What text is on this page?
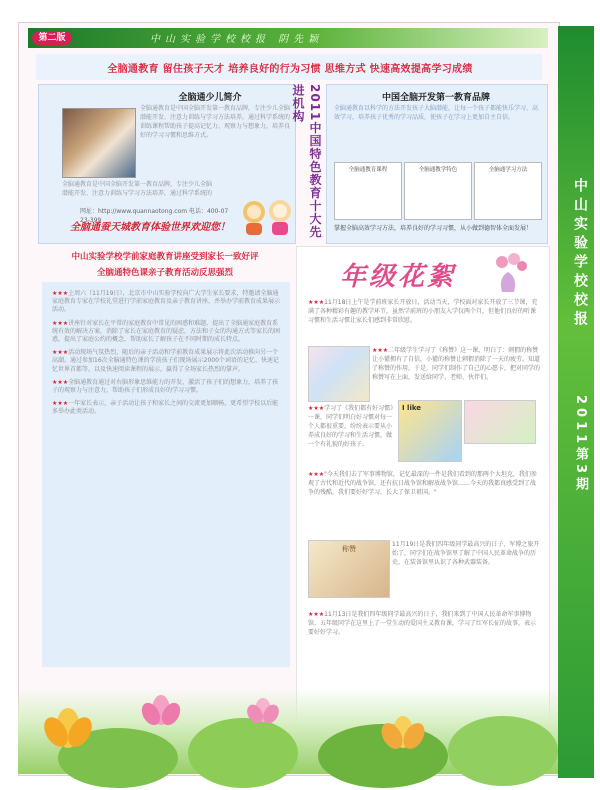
第二版	中山实验学校校报 阴先颖
全脑通教育 留住孩子天才 培养良好的行为习惯 思维方式 快速高效提高学习成绩
全脑通少儿简介
全脑通教育是中国全脑开发第一教育品牌，专注少儿全脑潜能开发、注意力训练与学习方法培养，通过科学系统的训练课程帮助孩子提高记忆力、观察力与想象力，培养良好的学习习惯和思维方式。
全脑通教育是中国全脑开发第一教育品牌，专注少儿全脑潜能开发、注意力训练与学习方法培养，通过科学系统的
网址：http://www.quannaotong.com 电话：400-0723-399
全脑通蚕天城教育体验世界欢迎您！	2011中国特色教育十大先进机构	中国全脑开发第一教育品牌
全脑通教育以科学的方法开发孩子大脑潜能，让每一个孩子都能快乐学习、高效学习，培养孩子优秀的学习品质，使孩子在学习上更加自主自信。
全脑通教育课程	全脑通教学特色	全脑通学习方法
掌握全脑高效学习方法，培养良好的学习习惯，从小做到德智体全面发展！
中山实验学校学前家庭教育讲座受到家长一致好评
全脑通特色课亲子教育活动反思强烈
★★★上周六（11月19日），北京市中山实验学校向广大学生家长要求，特邀请全脑通家庭教育专家在学校礼堂进行学前家庭教育及亲子教育讲座，并举办学前教育成果展示活动。
★★★讲座针对家长在平常的家庭教育中常见的困惑和难题，提出了全脑通家庭教育系统有效的解决方案，消除了家长在家庭教育的疑虑，方法和子女的沟通方式等家长的困惑，提出了家庭公约的概念，帮助家长了解孩子在不同时期的成长特点。
★★★活动现场气氛热烈，随后的亲子活动和学前教育成果展示将此次活动推向另一个高潮。通过参加16次全脑通特色课的学前孩子们现场展示2000个词语的记忆、快速记忆世界首都等，以及快速阅读课程的展示，赢得了全场家长热烈的掌声。
★★★全脑通教育通过对右脑形象思维能力的开发，激活了孩子们的想象力，培养了孩子的观察力与注意力，帮助孩子们形成良好的学习习惯。
★★★一年家长表示，亲子活动让孩子和家长之间的交流更加顺畅，更希望学校以后能多举办此类活动。
年级花絮
★★★11月18日上午是学前班家长开放日，活动当天，学校面对家长开放了三节课，充满了各种精彩有趣的教学环节，虽然学前班的小朋友入学仅两个月，但他们良好的听课习惯和生活习惯让家长们感到非常欣慰。
★★★二年级学生学习了《称赞》这一课，明白了：刺猬的称赞让小獾拥有了自信，小獾的称赞让刺猬消除了一天的疲劳。知道了称赞的作用，于是，同学们制作了自己的心愿卡，把对同学的称赞写在上面，发送给同学、老师、伙伴们。
I like
★★★学习了《我们都有好习惯》一课，同学们明白好习惯对每一个人都很重要，纷纷表示要从小养成良好的学习和生活习惯，做一个有礼貌的好孩子。
★★★"今天我们去了军事博物馆，记忆最深的一件是我们看到的那两个大坦克，我们参观了古代和近代的战争馆，还有抗日战争馆和解放战争馆……今天的我都真感受到了战争的残酷，我们要好好学习，长大了保卫祖国。"
称赞
11月19日是我们四年级同学最高兴的日子，军博之旅开始了，同学们在战争馆里了解了中国人民革命战争的历史，在装备馆里认识了各种武器装备。
★★★11月13日是我们四年级同学最高兴的日子，我们来到了中国人民革命军事博物馆，五年级同学在这里上了一堂生动的爱国主义教育课，学习了红军长征的故事，表示要好好学习。
中山实验学校校报
2011第3期
